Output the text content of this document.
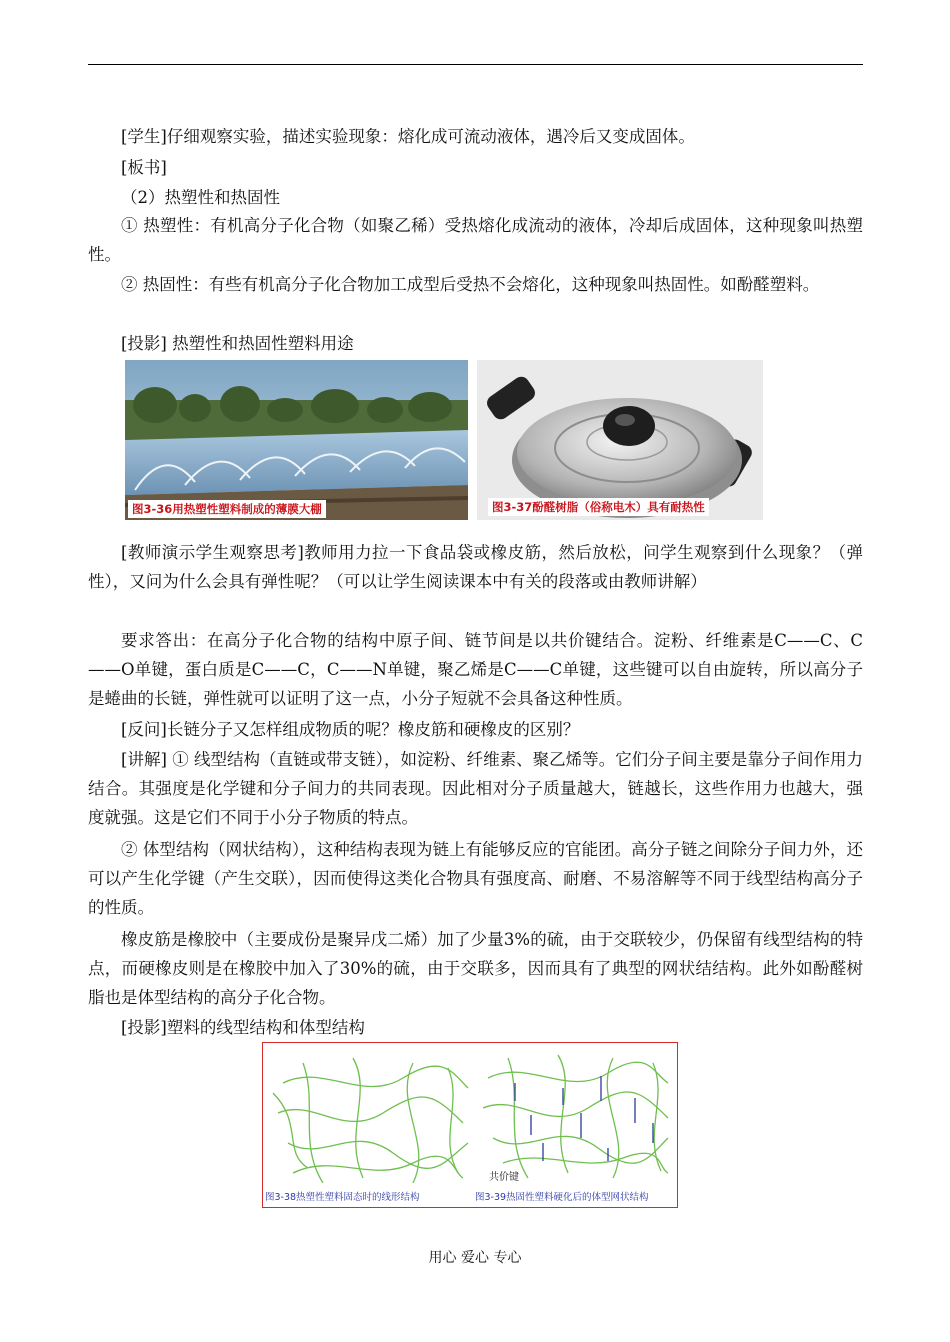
[学生]仔细观察实验，描述实验现象：熔化成可流动液体，遇冷后又变成固体。
[板书]
（2）热塑性和热固性
① 热塑性：有机高分子化合物（如聚乙稀）受热熔化成流动的液体，冷却后成固体，这种现象叫热塑性。
② 热固性：有些有机高分子化合物加工成型后受热不会熔化，这种现象叫热固性。如酚醛塑料。
[投影] 热塑性和热固性塑料用途
图3-36用热塑性塑料制成的薄膜大棚	图3-37酚醛树脂（俗称电木）具有耐热性
[教师演示学生观察思考]教师用力拉一下食品袋或橡皮筋，然后放松，问学生观察到什么现象？（弹性），又问为什么会具有弹性呢？（可以让学生阅读课本中有关的段落或由教师讲解）
要求答出：在高分子化合物的结构中原子间、链节间是以共价键结合。淀粉、纤维素是C——C、C——O单键，蛋白质是C——C，C——N单键，聚乙烯是C——C单键，这些键可以自由旋转，所以高分子是蜷曲的长链，弹性就可以证明了这一点，小分子短就不会具备这种性质。
[反问]长链分子又怎样组成物质的呢？橡皮筋和硬橡皮的区别？
[讲解] ① 线型结构（直链或带支链），如淀粉、纤维素、聚乙烯等。它们分子间主要是靠分子间作用力结合。其强度是化学键和分子间力的共同表现。因此相对分子质量越大，链越长，这些作用力也越大，强度就强。这是它们不同于小分子物质的特点。
② 体型结构（网状结构），这种结构表现为链上有能够反应的官能团。高分子链之间除分子间力外，还可以产生化学键（产生交联），因而使得这类化合物具有强度高、耐磨、不易溶解等不同于线型结构高分子的性质。
橡皮筋是橡胶中（主要成份是聚异戊二烯）加了少量3%的硫，由于交联较少，仍保留有线型结构的特点，而硬橡皮则是在橡胶中加入了30%的硫，由于交联多，因而具有了典型的网状结结构。此外如酚醛树脂也是体型结构的高分子化合物。
[投影]塑料的线型结构和体型结构
共价键
图3-38热塑性塑料固态时的线形结构	图3-39热固性塑料硬化后的体型网状结构
用心 爱心 专心
